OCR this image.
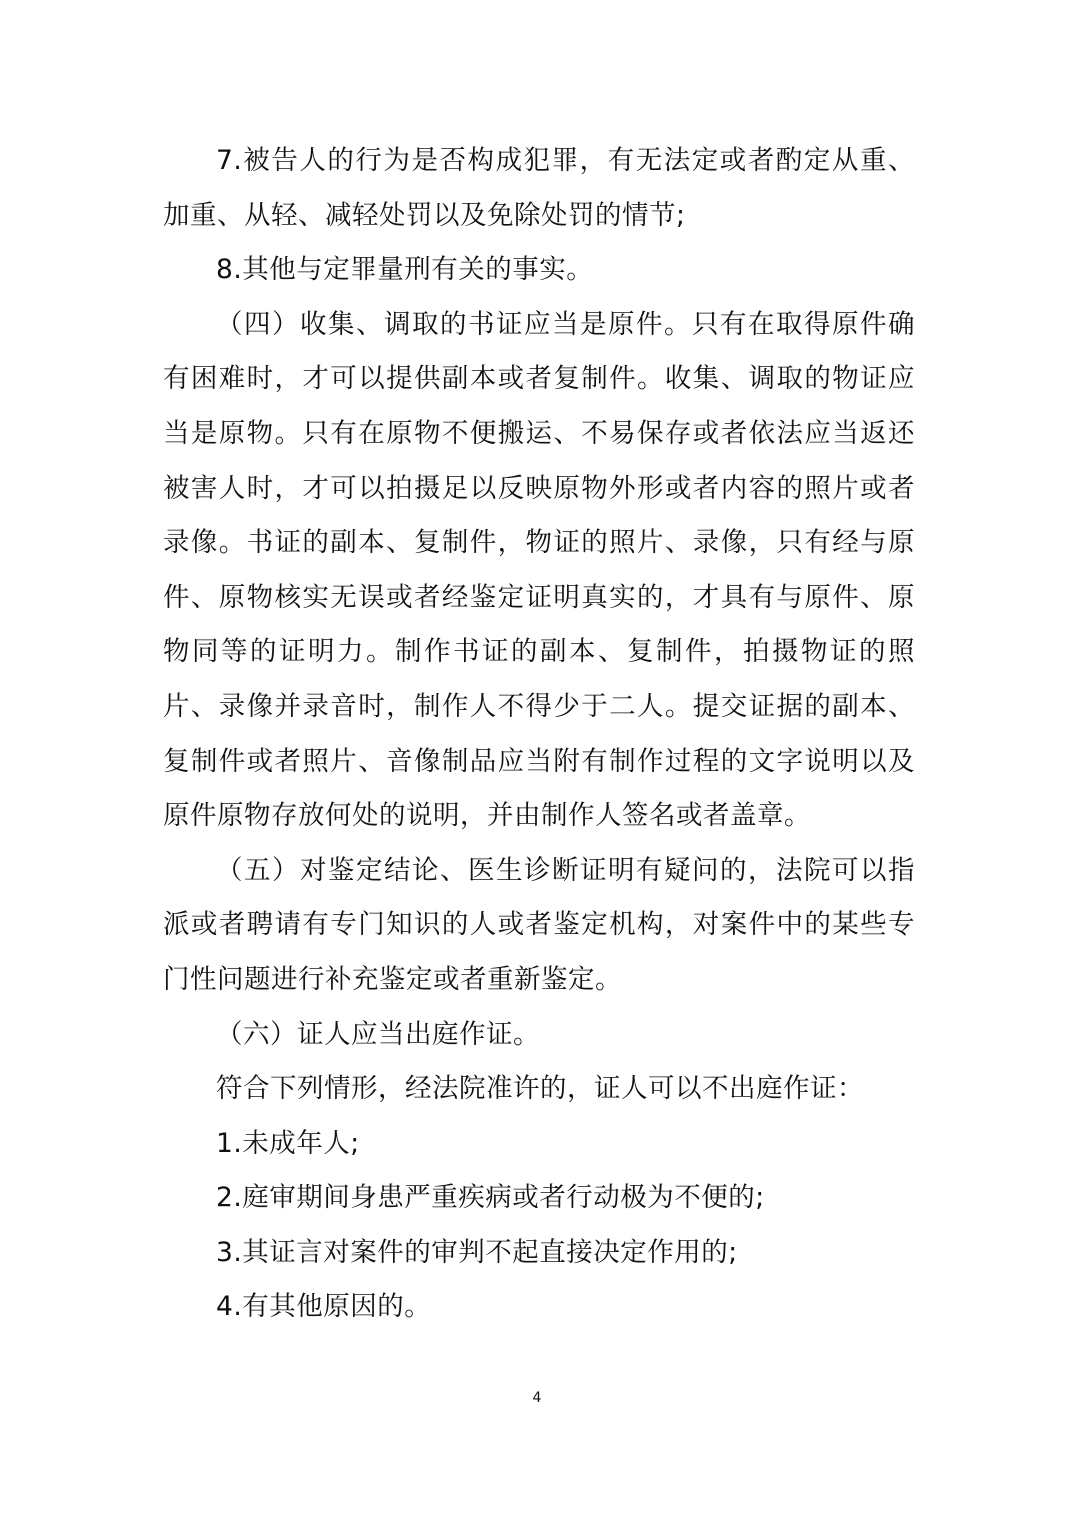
7.被告人的行为是否构成犯罪，有无法定或者酌定从重、加重、从轻、减轻处罚以及免除处罚的情节;

8.其他与定罪量刑有关的事实。

（四）收集、调取的书证应当是原件。只有在取得原件确有困难时，才可以提供副本或者复制件。收集、调取的物证应当是原物。只有在原物不便搬运、不易保存或者依法应当返还被害人时，才可以拍摄足以反映原物外形或者内容的照片或者录像。书证的副本、复制件，物证的照片、录像，只有经与原件、原物核实无误或者经鉴定证明真实的，才具有与原件、原物同等的证明力。制作书证的副本、复制件，拍摄物证的照片、录像并录音时，制作人不得少于二人。提交证据的副本、复制件或者照片、音像制品应当附有制作过程的文字说明以及原件原物存放何处的说明，并由制作人签名或者盖章。

（五）对鉴定结论、医生诊断证明有疑问的，法院可以指派或者聘请有专门知识的人或者鉴定机构，对案件中的某些专门性问题进行补充鉴定或者重新鉴定。

（六）证人应当出庭作证。

符合下列情形，经法院准许的，证人可以不出庭作证：

1.未成年人;

2.庭审期间身患严重疾病或者行动极为不便的;

3.其证言对案件的审判不起直接决定作用的;

4.有其他原因的。

4
